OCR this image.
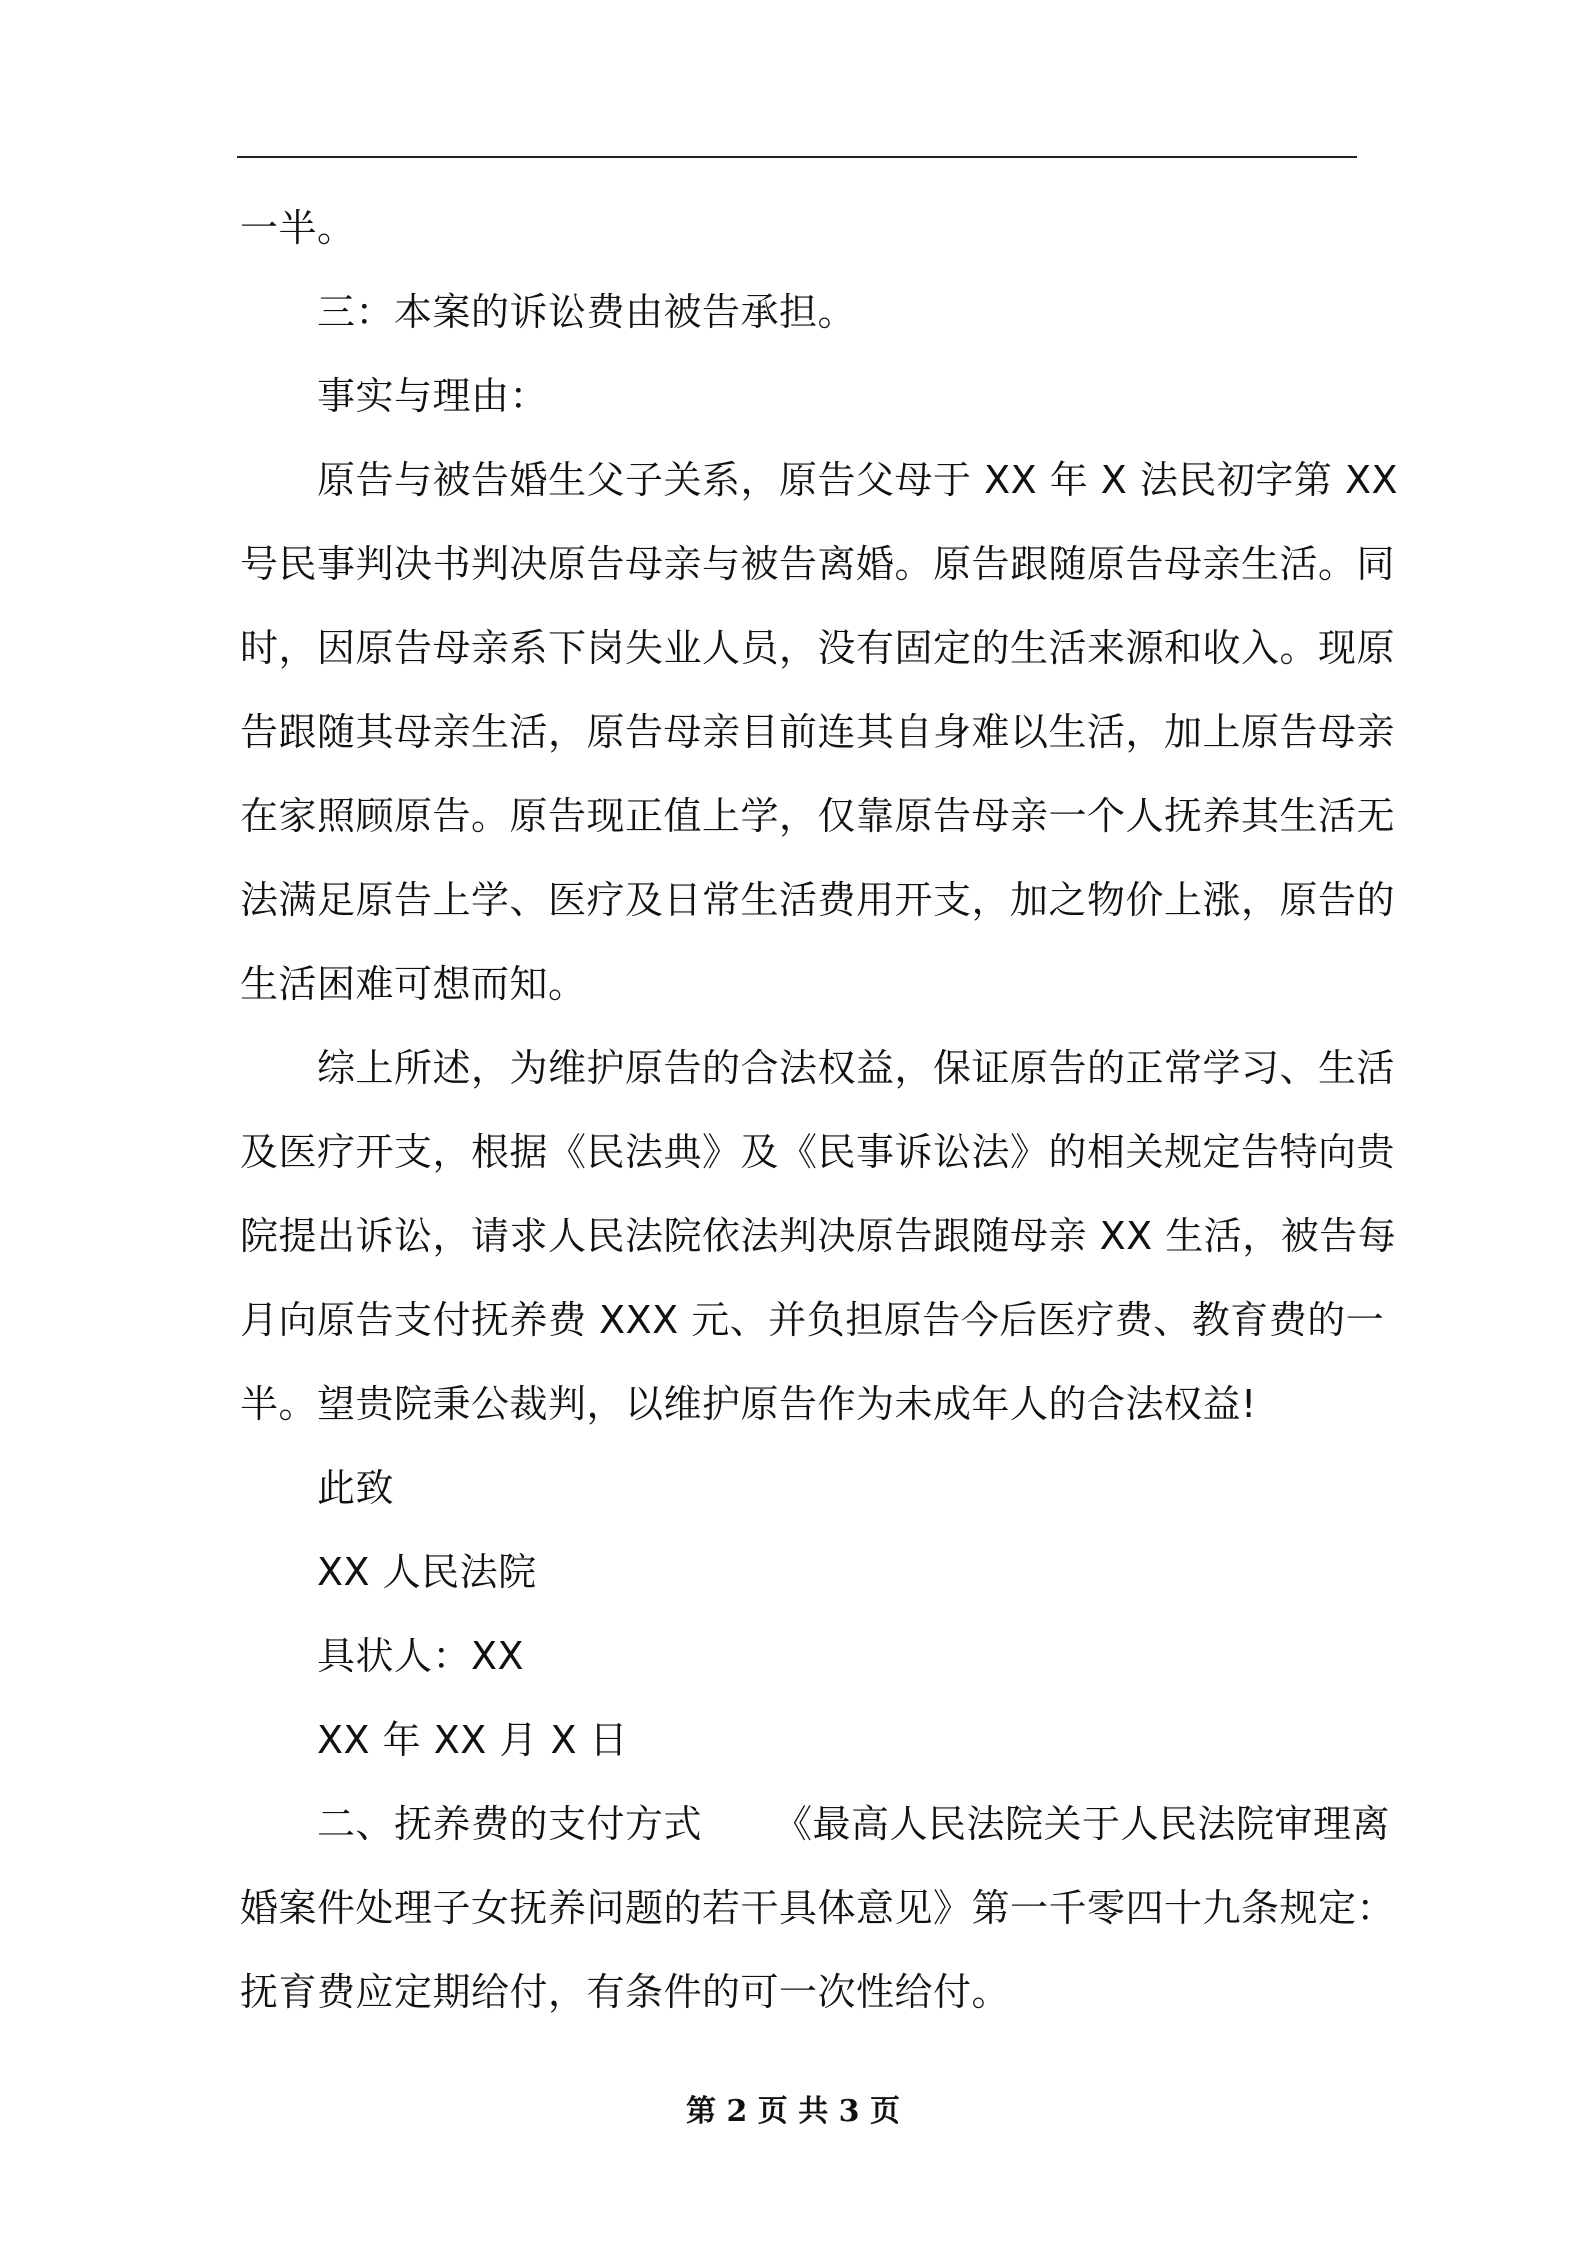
一半。
三：本案的诉讼费由被告承担。
事实与理由：
原告与被告婚生父子关系，原告父母于 XX 年 X 法民初字第 XX
号民事判决书判决原告母亲与被告离婚。原告跟随原告母亲生活。同
时，因原告母亲系下岗失业人员，没有固定的生活来源和收入。现原
告跟随其母亲生活，原告母亲目前连其自身难以生活，加上原告母亲
在家照顾原告。原告现正值上学，仅靠原告母亲一个人抚养其生活无
法满足原告上学、医疗及日常生活费用开支，加之物价上涨，原告的
生活困难可想而知。
综上所述，为维护原告的合法权益，保证原告的正常学习、生活
及医疗开支，根据《民法典》及《民事诉讼法》的相关规定告特向贵
院提出诉讼，请求人民法院依法判决原告跟随母亲 XX 生活，被告每
月向原告支付抚养费 XXX 元、并负担原告今后医疗费、教育费的一
半。望贵院秉公裁判，以维护原告作为未成年人的合法权益!
此致
XX 人民法院
具状人：XX
XX 年 XX 月 X 日
二、抚养费的支付方式 《最高人民法院关于人民法院审理离
婚案件处理子女抚养问题的若干具体意见》第一千零四十九条规定：
抚育费应定期给付，有条件的可一次性给付。
第 2 页 共 3 页
